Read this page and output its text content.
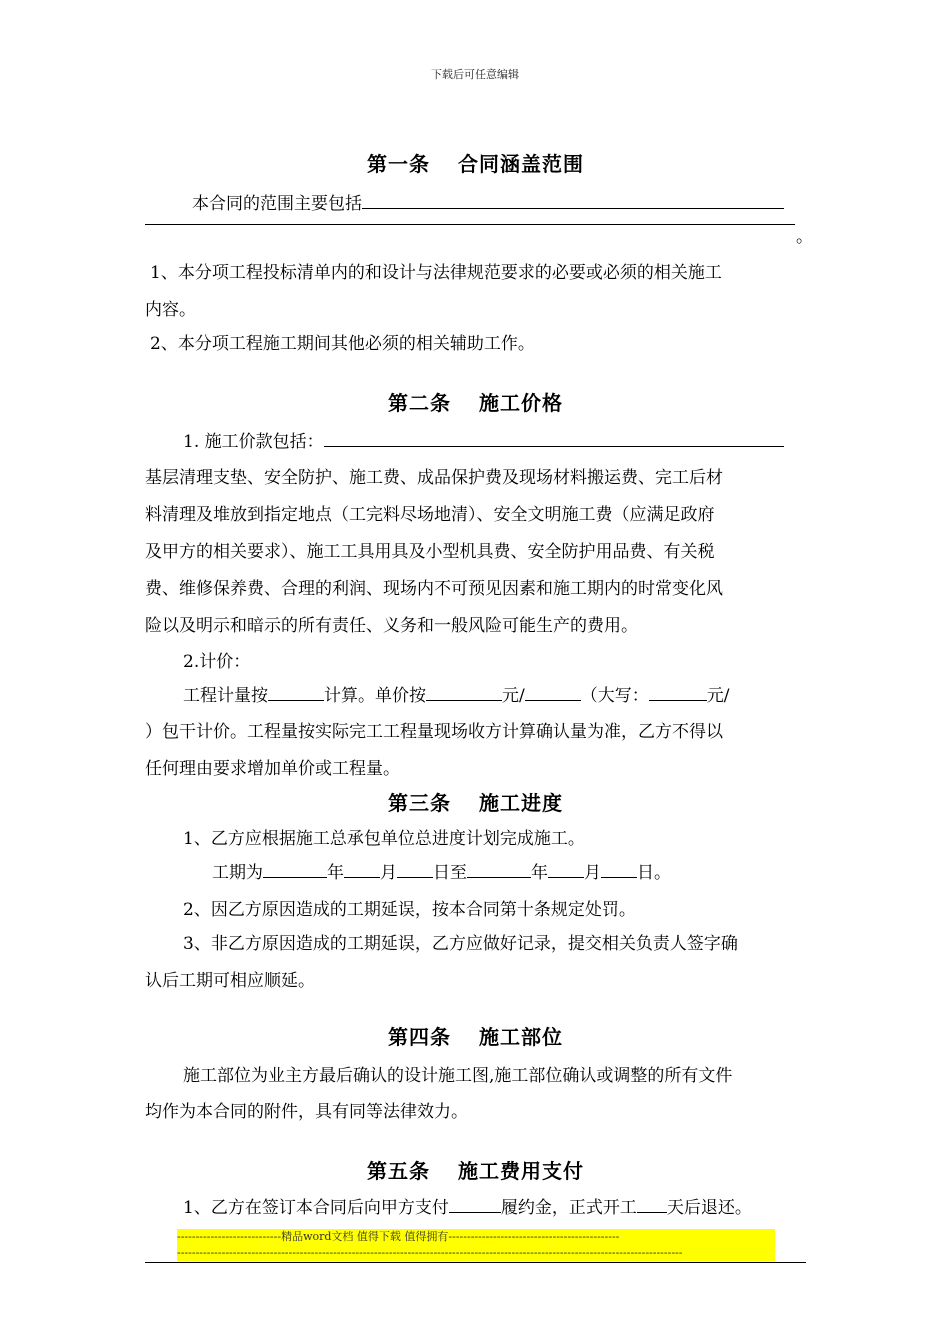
下载后可任意编辑
第一条 合同涵盖范围
本合同的范围主要包括
。
1、本分项工程投标清单内的和设计与法律规范要求的必要或必须的相关施工
内容。
2、本分项工程施工期间其他必须的相关辅助工作。
第二条 施工价格
1. 施工价款包括：
基层清理支垫、安全防护、施工费、成品保护费及现场材料搬运费、完工后材
料清理及堆放到指定地点（工完料尽场地清）、安全文明施工费（应满足政府
及甲方的相关要求）、施工工具用具及小型机具费、安全防护用品费、有关税
费、维修保养费、合理的利润、现场内不可预见因素和施工期内的时常变化风
险以及明示和暗示的所有责任、义务和一般风险可能生产的费用。
2.计价：
工程计量按	计算。单价按	元/	（大写：	元/
）包干计价。工程量按实际完工工程量现场收方计算确认量为准，乙方不得以
任何理由要求增加单价或工程量。
第三条 施工进度
1、乙方应根据施工总承包单位总进度计划完成施工。
工期为	年 月 日至	年 月 日。
2、因乙方原因造成的工期延误，按本合同第十条规定处罚。
3、非乙方原因造成的工期延误，乙方应做好记录，提交相关负责人签字确
认后工期可相应顺延。
第四条 施工部位
施工部位为业主方最后确认的设计施工图,施工部位确认或调整的所有文件
均作为本合同的附件，具有同等法律效力。
第五条 施工费用支付
1、乙方在签订本合同后向甲方支付	履约金，正式开工 天后退还。
----------------------------精品word文档 值得下载 值得拥有----------------------------------------------
----------------------------------------------------------------------------------------------------------------------------------------
